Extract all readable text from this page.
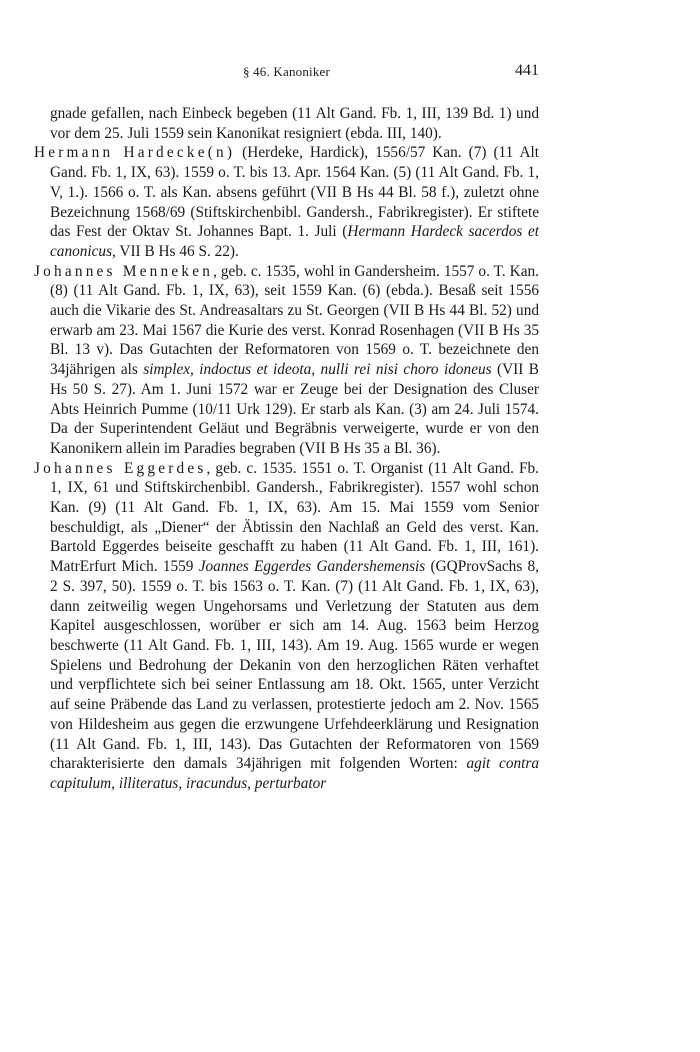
§ 46. Kanoniker	441

gnade gefallen, nach Einbeck begeben (11 Alt Gand. Fb. 1, III, 139 Bd. 1) und vor dem 25. Juli 1559 sein Kanonikat resigniert (ebda. III, 140).

Hermann Hardecke(n) (Herdeke, Hardick), 1556/57 Kan. (7) (11 Alt Gand. Fb. 1, IX, 63). 1559 o. T. bis 13. Apr. 1564 Kan. (5) (11 Alt Gand. Fb. 1, V, 1.). 1566 o. T. als Kan. absens geführt (VII B Hs 44 Bl. 58 f.), zuletzt ohne Bezeichnung 1568/69 (Stiftskirchenbibl. Gandersh., Fabrikregister). Er stiftete das Fest der Oktav St. Johannes Bapt. 1. Juli (Hermann Hardeck sacerdos et canonicus, VII B Hs 46 S. 22).

Johannes Menneken, geb. c. 1535, wohl in Gandersheim. 1557 o. T. Kan. (8) (11 Alt Gand. Fb. 1, IX, 63), seit 1559 Kan. (6) (ebda.). Besaß seit 1556 auch die Vikarie des St. Andreasaltars zu St. Georgen (VII B Hs 44 Bl. 52) und erwarb am 23. Mai 1567 die Kurie des verst. Konrad Rosenhagen (VII B Hs 35 Bl. 13 v). Das Gutachten der Reformatoren von 1569 o. T. bezeichnete den 34jährigen als simplex, indoctus et ideota, nulli rei nisi choro idoneus (VII B Hs 50 S. 27). Am 1. Juni 1572 war er Zeuge bei der Designation des Cluser Abts Heinrich Pumme (10/11 Urk 129). Er starb als Kan. (3) am 24. Juli 1574. Da der Superintendent Geläut und Begräbnis verweigerte, wurde er von den Kanonikern allein im Paradies begraben (VII B Hs 35 a Bl. 36).

Johannes Eggerdes, geb. c. 1535. 1551 o. T. Organist (11 Alt Gand. Fb. 1, IX, 61 und Stiftskirchenbibl. Gandersh., Fabrikregister). 1557 wohl schon Kan. (9) (11 Alt Gand. Fb. 1, IX, 63). Am 15. Mai 1559 vom Senior beschuldigt, als „Diener“ der Äbtissin den Nachlaß an Geld des verst. Kan. Bartold Eggerdes beiseite geschafft zu haben (11 Alt Gand. Fb. 1, III, 161). MatrErfurt Mich. 1559 Joannes Eggerdes Gandershemensis (GQProvSachs 8, 2 S. 397, 50). 1559 o. T. bis 1563 o. T. Kan. (7) (11 Alt Gand. Fb. 1, IX, 63), dann zeitweilig wegen Ungehorsams und Verletzung der Statuten aus dem Kapitel ausgeschlossen, worüber er sich am 14. Aug. 1563 beim Herzog beschwerte (11 Alt Gand. Fb. 1, III, 143). Am 19. Aug. 1565 wurde er wegen Spielens und Bedrohung der Dekanin von den herzoglichen Räten verhaftet und verpflichtete sich bei seiner Entlassung am 18. Okt. 1565, unter Verzicht auf seine Präbende das Land zu verlassen, protestierte jedoch am 2. Nov. 1565 von Hildesheim aus gegen die erzwungene Urfehdeerklärung und Resignation (11 Alt Gand. Fb. 1, III, 143). Das Gutachten der Reformatoren von 1569 charakterisierte den damals 34jährigen mit folgenden Worten: agit contra capitulum, illiteratus, iracundus, perturbator
